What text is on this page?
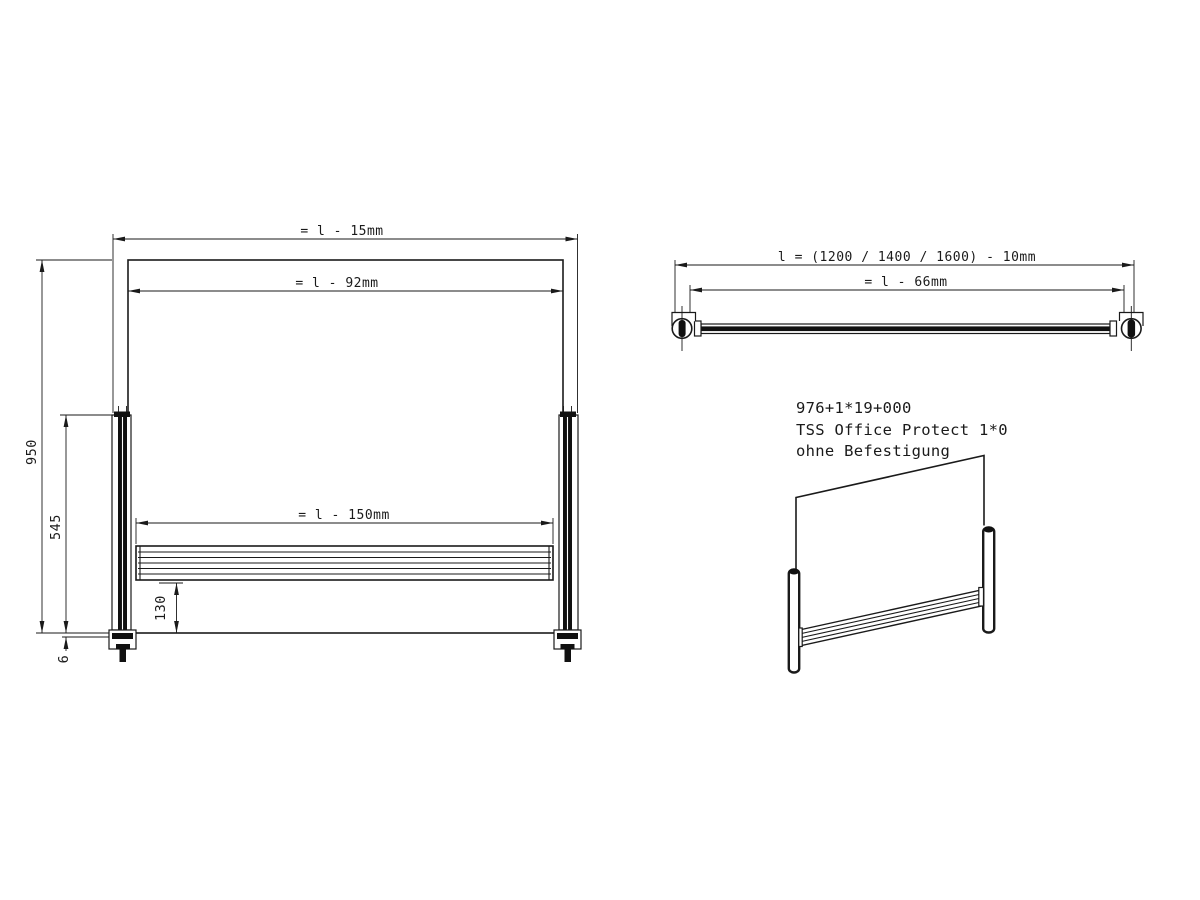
= l - 15mm
= l - 92mm
= l - 150mm
950
545
130
6
l = (1200 / 1400 / 1600) - 10mm
= l - 66mm
976+1*19+000
TSS Office Protect 1*0
ohne Befestigung
